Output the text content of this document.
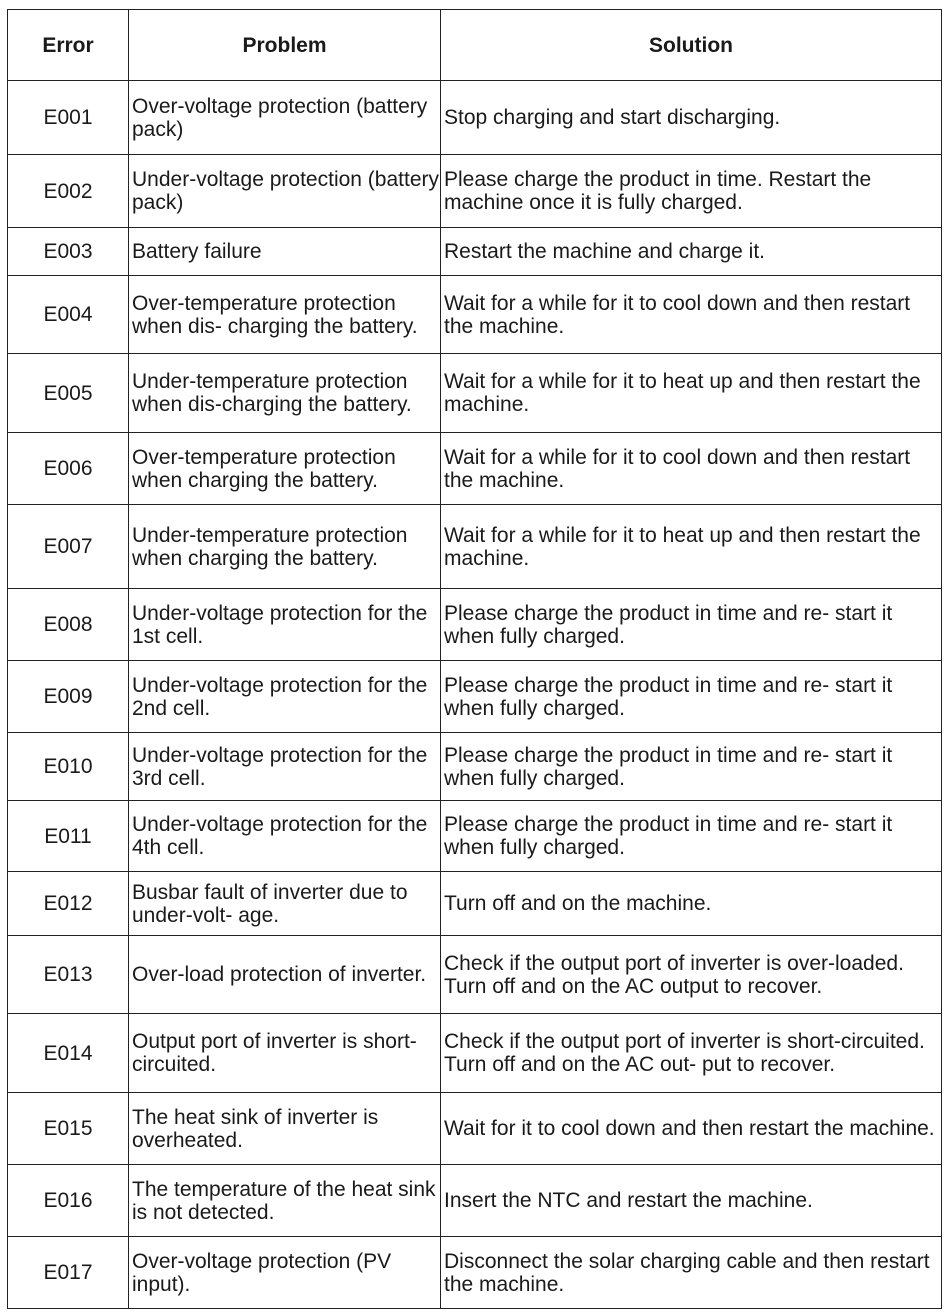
Error	Problem	Solution
E001	Over-voltage protection (battery pack)	Stop charging and start discharging.
E002	Under-voltage protection (battery pack)	Please charge the product in time. Restart the machine once it is fully charged.
E003	Battery failure	Restart the machine and charge it.
E004	Over-temperature protection when dis- charging the battery.	Wait for a while for it to cool down and then restart the machine.
E005	Under-temperature protection when dis-charging the battery.	Wait for a while for it to heat up and then restart the machine.
E006	Over-temperature protection when charging the battery.	Wait for a while for it to cool down and then restart the machine.
E007	Under-temperature protection when charging the battery.	Wait for a while for it to heat up and then restart the machine.
E008	Under-voltage protection for the 1st cell.	Please charge the product in time and re- start it when fully charged.
E009	Under-voltage protection for the 2nd cell.	Please charge the product in time and re- start it when fully charged.
E010	Under-voltage protection for the 3rd cell.	Please charge the product in time and re- start it when fully charged.
E011	Under-voltage protection for the 4th cell.	Please charge the product in time and re- start it when fully charged.
E012	Busbar fault of inverter due to under-volt- age.	Turn off and on the machine.
E013	Over-load protection of inverter.	Check if the output port of inverter is over-loaded. Turn off and on the AC output to recover.
E014	Output port of inverter is short-circuited.	Check if the output port of inverter is short-circuited. Turn off and on the AC out- put to recover.
E015	The heat sink of inverter is overheated.	Wait for it to cool down and then restart the machine.
E016	The temperature of the heat sink is not detected.	Insert the NTC and restart the machine.
E017	Over-voltage protection (PV input).	Disconnect the solar charging cable and then restart the machine.
